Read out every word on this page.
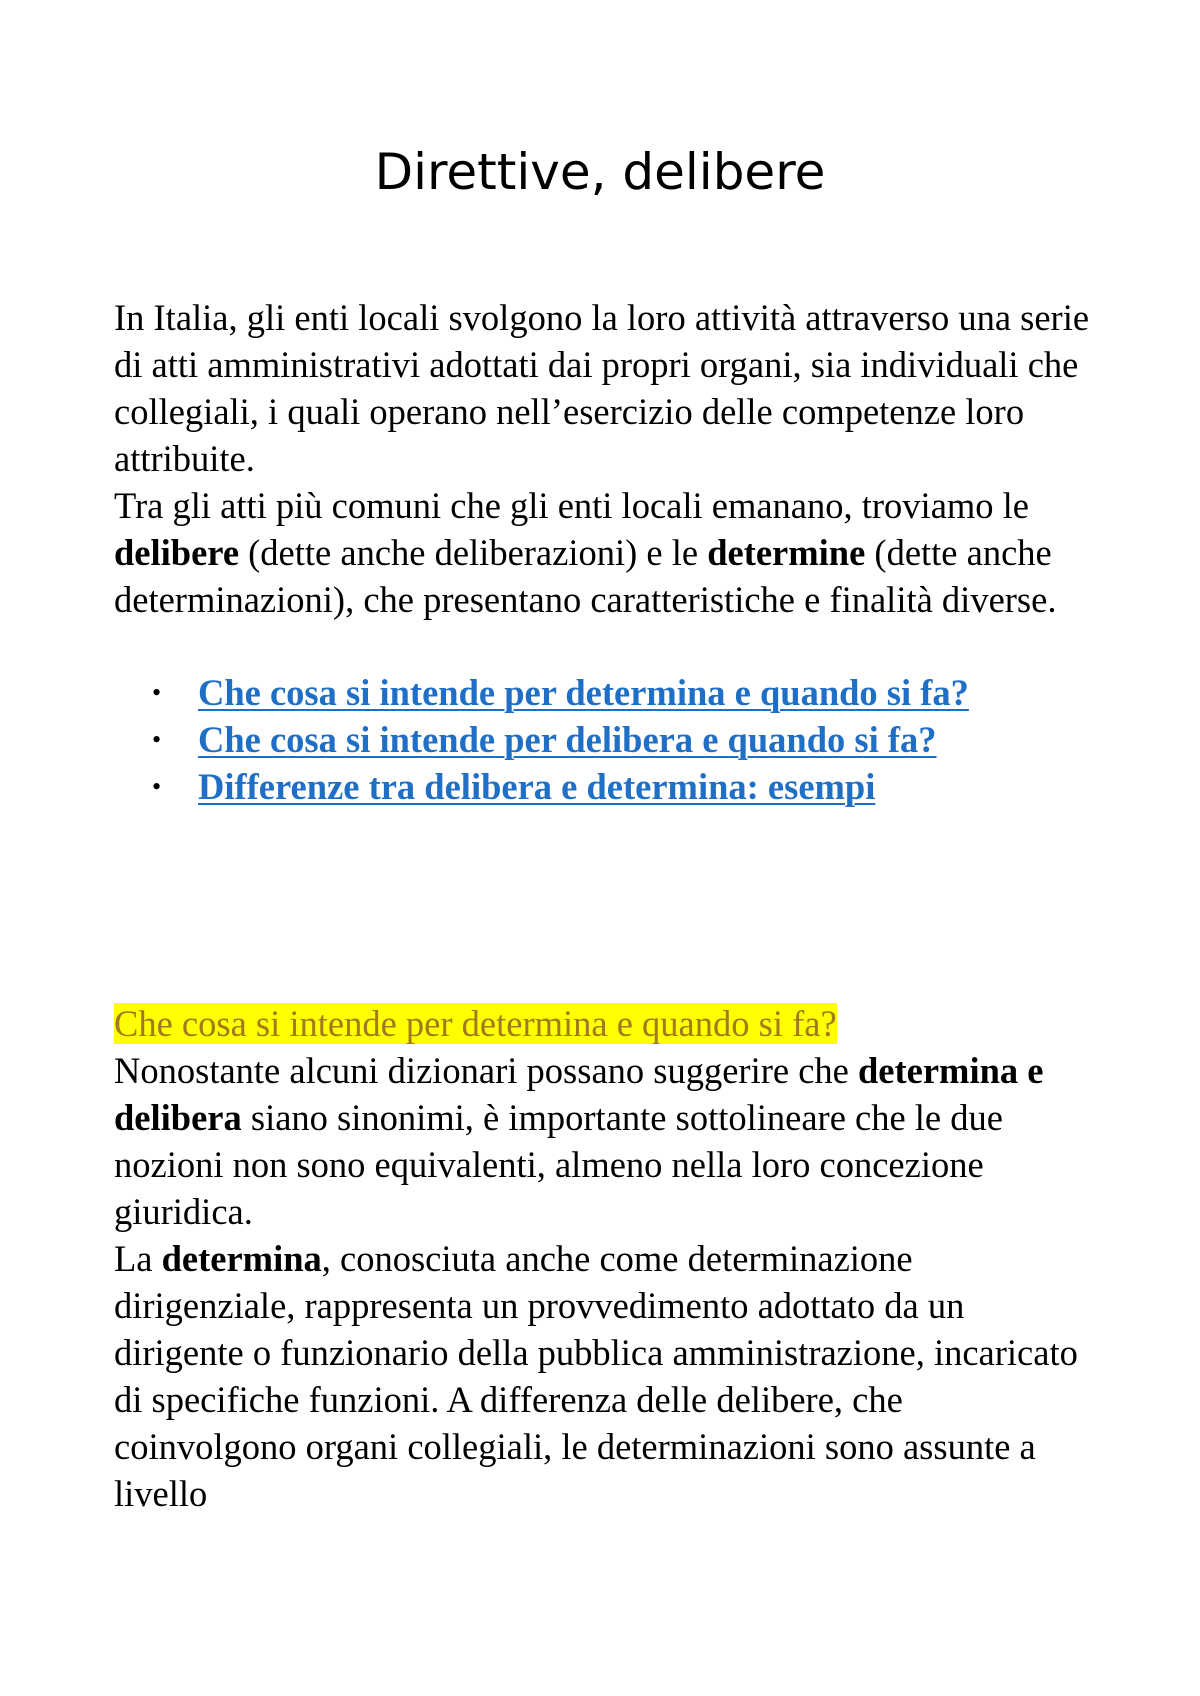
Direttive, delibere

In Italia, gli enti locali svolgono la loro attività attraverso una serie di atti amministrativi adottati dai propri organi, sia individuali che collegiali, i quali operano nell’esercizio delle competenze loro attribuite.

Tra gli atti più comuni che gli enti locali emanano, troviamo le delibere (dette anche deliberazioni) e le determine (dette anche determinazioni), che presentano caratteristiche e finalità diverse.

• Che cosa si intende per determina e quando si fa?
• Che cosa si intende per delibera e quando si fa?
• Differenze tra delibera e determina: esempi

Che cosa si intende per determina e quando si fa?

Nonostante alcuni dizionari possano suggerire che determina e delibera siano sinonimi, è importante sottolineare che le due nozioni non sono equivalenti, almeno nella loro concezione giuridica.

La determina, conosciuta anche come determinazione dirigenziale, rappresenta un provvedimento adottato da un dirigente o funzionario della pubblica amministrazione, incaricato di specifiche funzioni. A differenza delle delibere, che coinvolgono organi collegiali, le determinazioni sono assunte a livello
